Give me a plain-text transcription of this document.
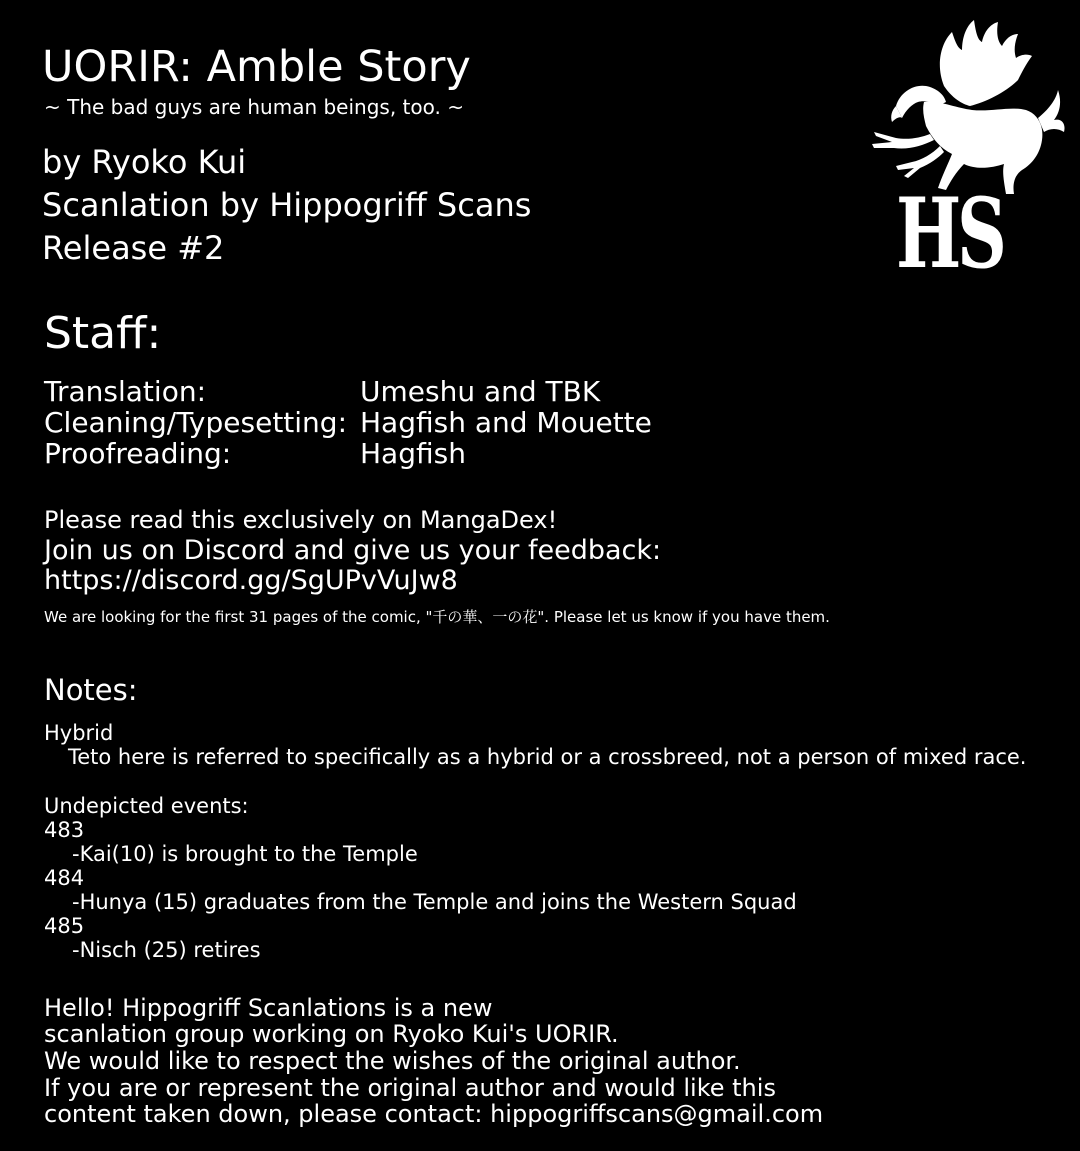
UORIR: Amble Story
~ The bad guys are human beings, too. ~
by Ryoko Kui
Scanlation by Hippogriff Scans
Release #2	HS
Staff:
Translation:	Umeshu and TBK
Cleaning/Typesetting: Hagfish and Mouette
Proofreading:	Hagfish
Please read this exclusively on MangaDex!
Join us on Discord and give us your feedback:
https://discord.gg/SgUPvVuJw8
We are looking for the first 31 pages of the comic, "千の華、一の花". Please let us know if you have them.
Notes:
Hybrid
Teto here is referred to specifically as a hybrid or a crossbreed, not a person of mixed race.
Undepicted events:
483
-Kai(10) is brought to the Temple
484
-Hunya (15) graduates from the Temple and joins the Western Squad
485
-Nisch (25) retires
Hello! Hippogriff Scanlations is a new
scanlation group working on Ryoko Kui's UORIR.
We would like to respect the wishes of the original author.
If you are or represent the original author and would like this
content taken down, please contact: hippogriffscans@gmail.com
